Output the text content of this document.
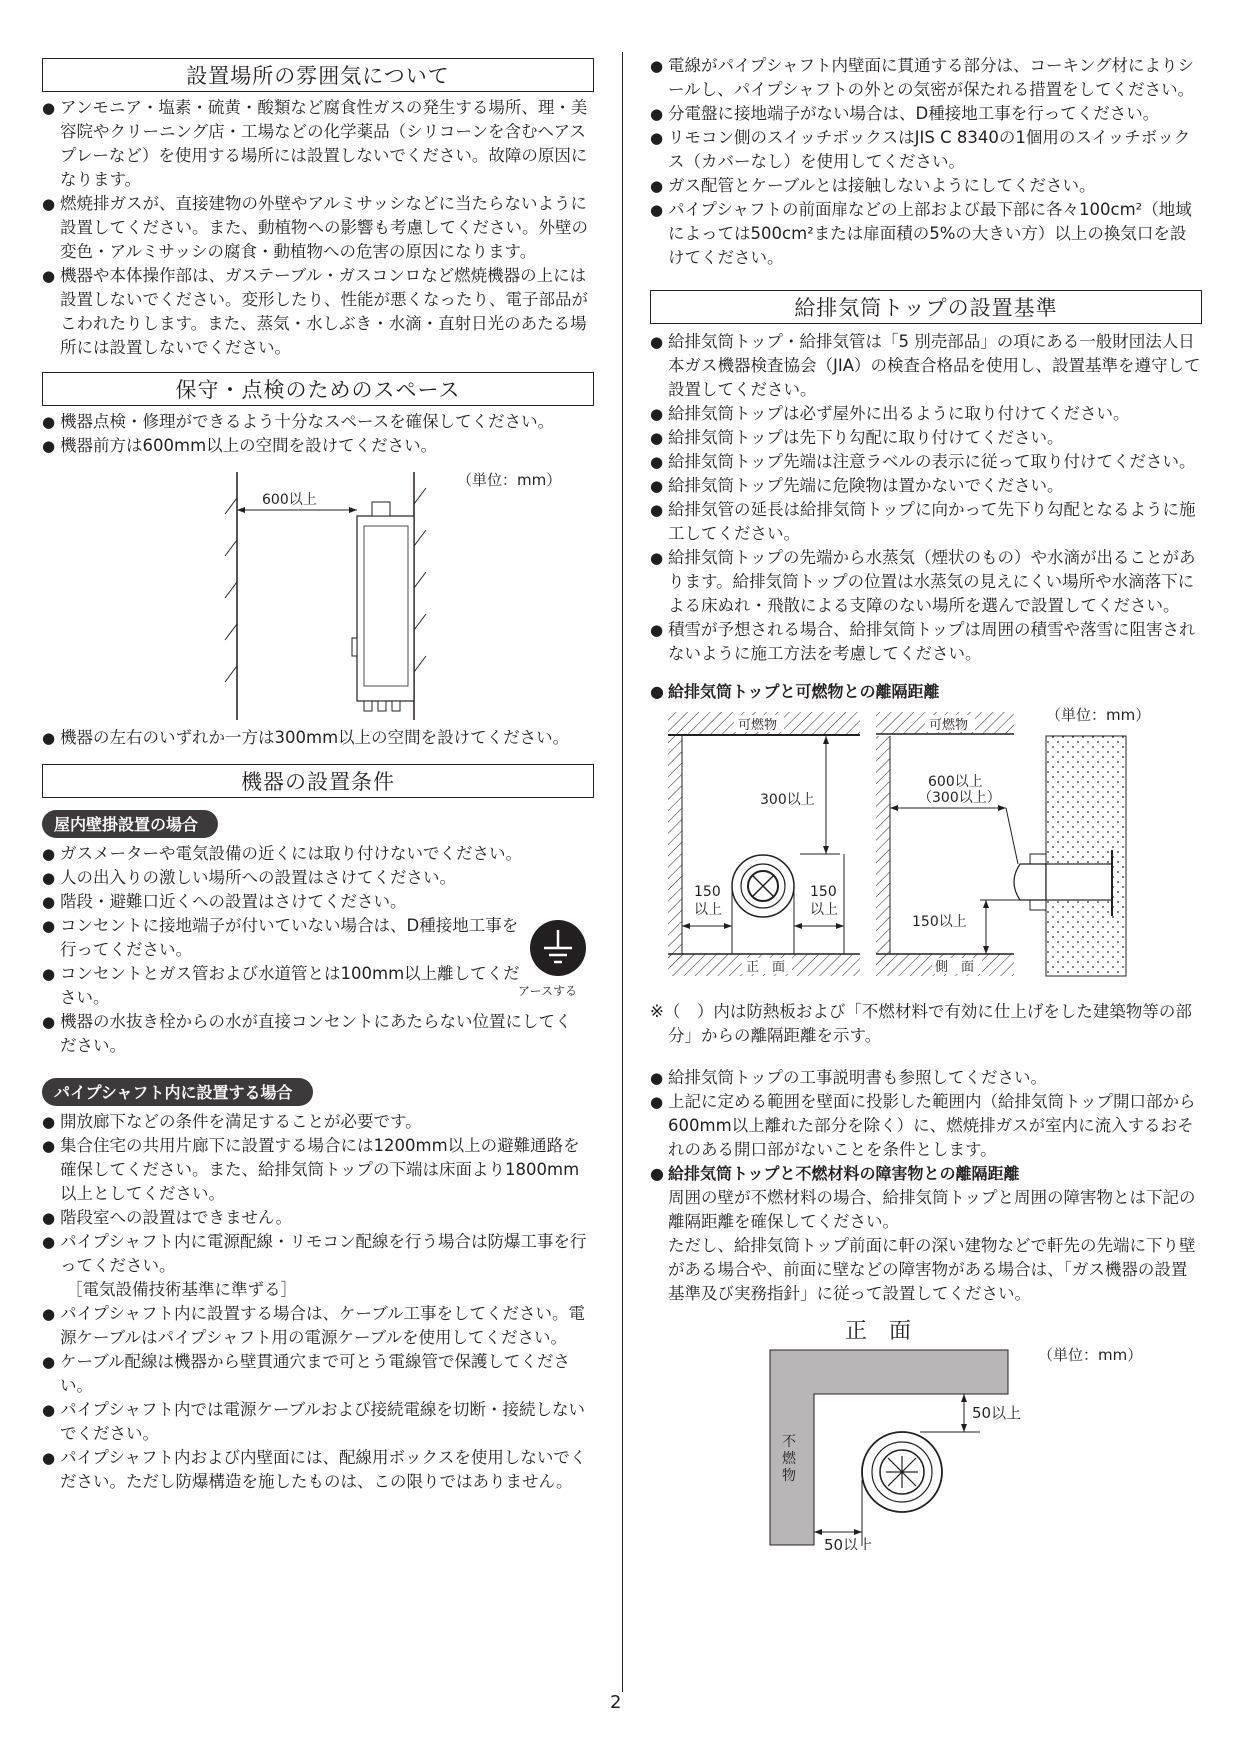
設置場所の雰囲気について
● アンモニア・塩素・硫黄・酸類など腐食性ガスの発生する場所、理・美容院やクリーニング店・工場などの化学薬品（シリコーンを含むヘアスプレーなど）を使用する場所には設置しないでください。故障の原因になります。
● 燃焼排ガスが、直接建物の外壁やアルミサッシなどに当たらないように設置してください。また、動植物への影響も考慮してください。外壁の変色・アルミサッシの腐食・動植物への危害の原因になります。
● 機器や本体操作部は、ガステーブル・ガスコンロなど燃焼機器の上には設置しないでください。変形したり、性能が悪くなったり、電子部品がこわれたりします。また、蒸気・水しぶき・水滴・直射日光のあたる場所には設置しないでください。
保守・点検のためのスペース
● 機器点検・修理ができるよう十分なスペースを確保してください。
● 機器前方は600mm以上の空間を設けてください。
600以上
（単位：mm）
● 機器の左右のいずれか一方は300mm以上の空間を設けてください。
機器の設置条件
屋内壁掛設置の場合
● ガスメーターや電気設備の近くには取り付けないでください。
● 人の出入りの激しい場所への設置はさけてください。
● 階段・避難口近くへの設置はさけてください。
● コンセントに接地端子が付いていない場合は、D種接地工事を行ってください。
● コンセントとガス管および水道管とは100mm以上離してください。
● 機器の水抜き栓からの水が直接コンセントにあたらない位置にしてください。
アースする
パイプシャフト内に設置する場合
● 開放廊下などの条件を満足することが必要です。
● 集合住宅の共用片廊下に設置する場合には1200mm以上の避難通路を確保してください。また、給排気筒トップの下端は床面より1800mm以上としてください。
● 階段室への設置はできません。
● パイプシャフト内に電源配線・リモコン配線を行う場合は防爆工事を行ってください。
［電気設備技術基準に準ずる］
● パイプシャフト内に設置する場合は、ケーブル工事をしてください。電源ケーブルはパイプシャフト用の電源ケーブルを使用してください。
● ケーブル配線は機器から壁貫通穴まで可とう電線管で保護してください。
● パイプシャフト内では電源ケーブルおよび接続電線を切断・接続しないでください。
● パイプシャフト内および内壁面には、配線用ボックスを使用しないでください。ただし防爆構造を施したものは、この限りではありません。
● 電線がパイプシャフト内壁面に貫通する部分は、コーキング材によりシールし、パイプシャフトの外との気密が保たれる措置をしてください。
● 分電盤に接地端子がない場合は、D種接地工事を行ってください。
● リモコン側のスイッチボックスはJIS C 8340の1個用のスイッチボックス（カバーなし）を使用してください。
● ガス配管とケーブルとは接触しないようにしてください。
● パイプシャフトの前面扉などの上部および最下部に各々100cm²（地域によっては500cm²または扉面積の5%の大きい方）以上の換気口を設けてください。
給排気筒トップの設置基準
● 給排気筒トップ・給排気管は「5 別売部品」の項にある一般財団法人日本ガス機器検査協会（JIA）の検査合格品を使用し、設置基準を遵守して設置してください。
● 給排気筒トップは必ず屋外に出るように取り付けてください。
● 給排気筒トップは先下り勾配に取り付けてください。
● 給排気筒トップ先端は注意ラベルの表示に従って取り付けてください。
● 給排気筒トップ先端に危険物は置かないでください。
● 給排気管の延長は給排気筒トップに向かって先下り勾配となるように施工してください。
● 給排気筒トップの先端から水蒸気（煙状のもの）や水滴が出ることがあります。給排気筒トップの位置は水蒸気の見えにくい場所や水滴落下による床ぬれ・飛散による支障のない場所を選んで設置してください。
● 積雪が予想される場合、給排気筒トップは周囲の積雪や落雪に阻害されないように施工方法を考慮してください。
● 給排気筒トップと可燃物との離隔距離
可燃物
正　面
300以上
150
以上
150
以上
可燃物
側　面
600以上
（300以上）
150以上
（単位：mm）
※（　）内は防熱板および「不燃材料で有効に仕上げをした建築物等の部分」からの離隔距離を示す。
● 給排気筒トップの工事説明書も参照してください。
● 上記に定める範囲を壁面に投影した範囲内（給排気筒トップ開口部から600mm以上離れた部分を除く）に、燃焼排ガスが室内に流入するおそれのある開口部がないことを条件とします。
● 給排気筒トップと不燃材料の障害物との離隔距離
周囲の壁が不燃材料の場合、給排気筒トップと周囲の障害物とは下記の離隔距離を確保してください。
ただし、給排気筒トップ前面に軒の深い建物などで軒先の先端に下り壁がある場合や、前面に壁などの障害物がある場合は、「ガス機器の設置基準及び実務指針」に従って設置してください。
正　面
（単位：mm）
50以上
50以上
不燃物
2
